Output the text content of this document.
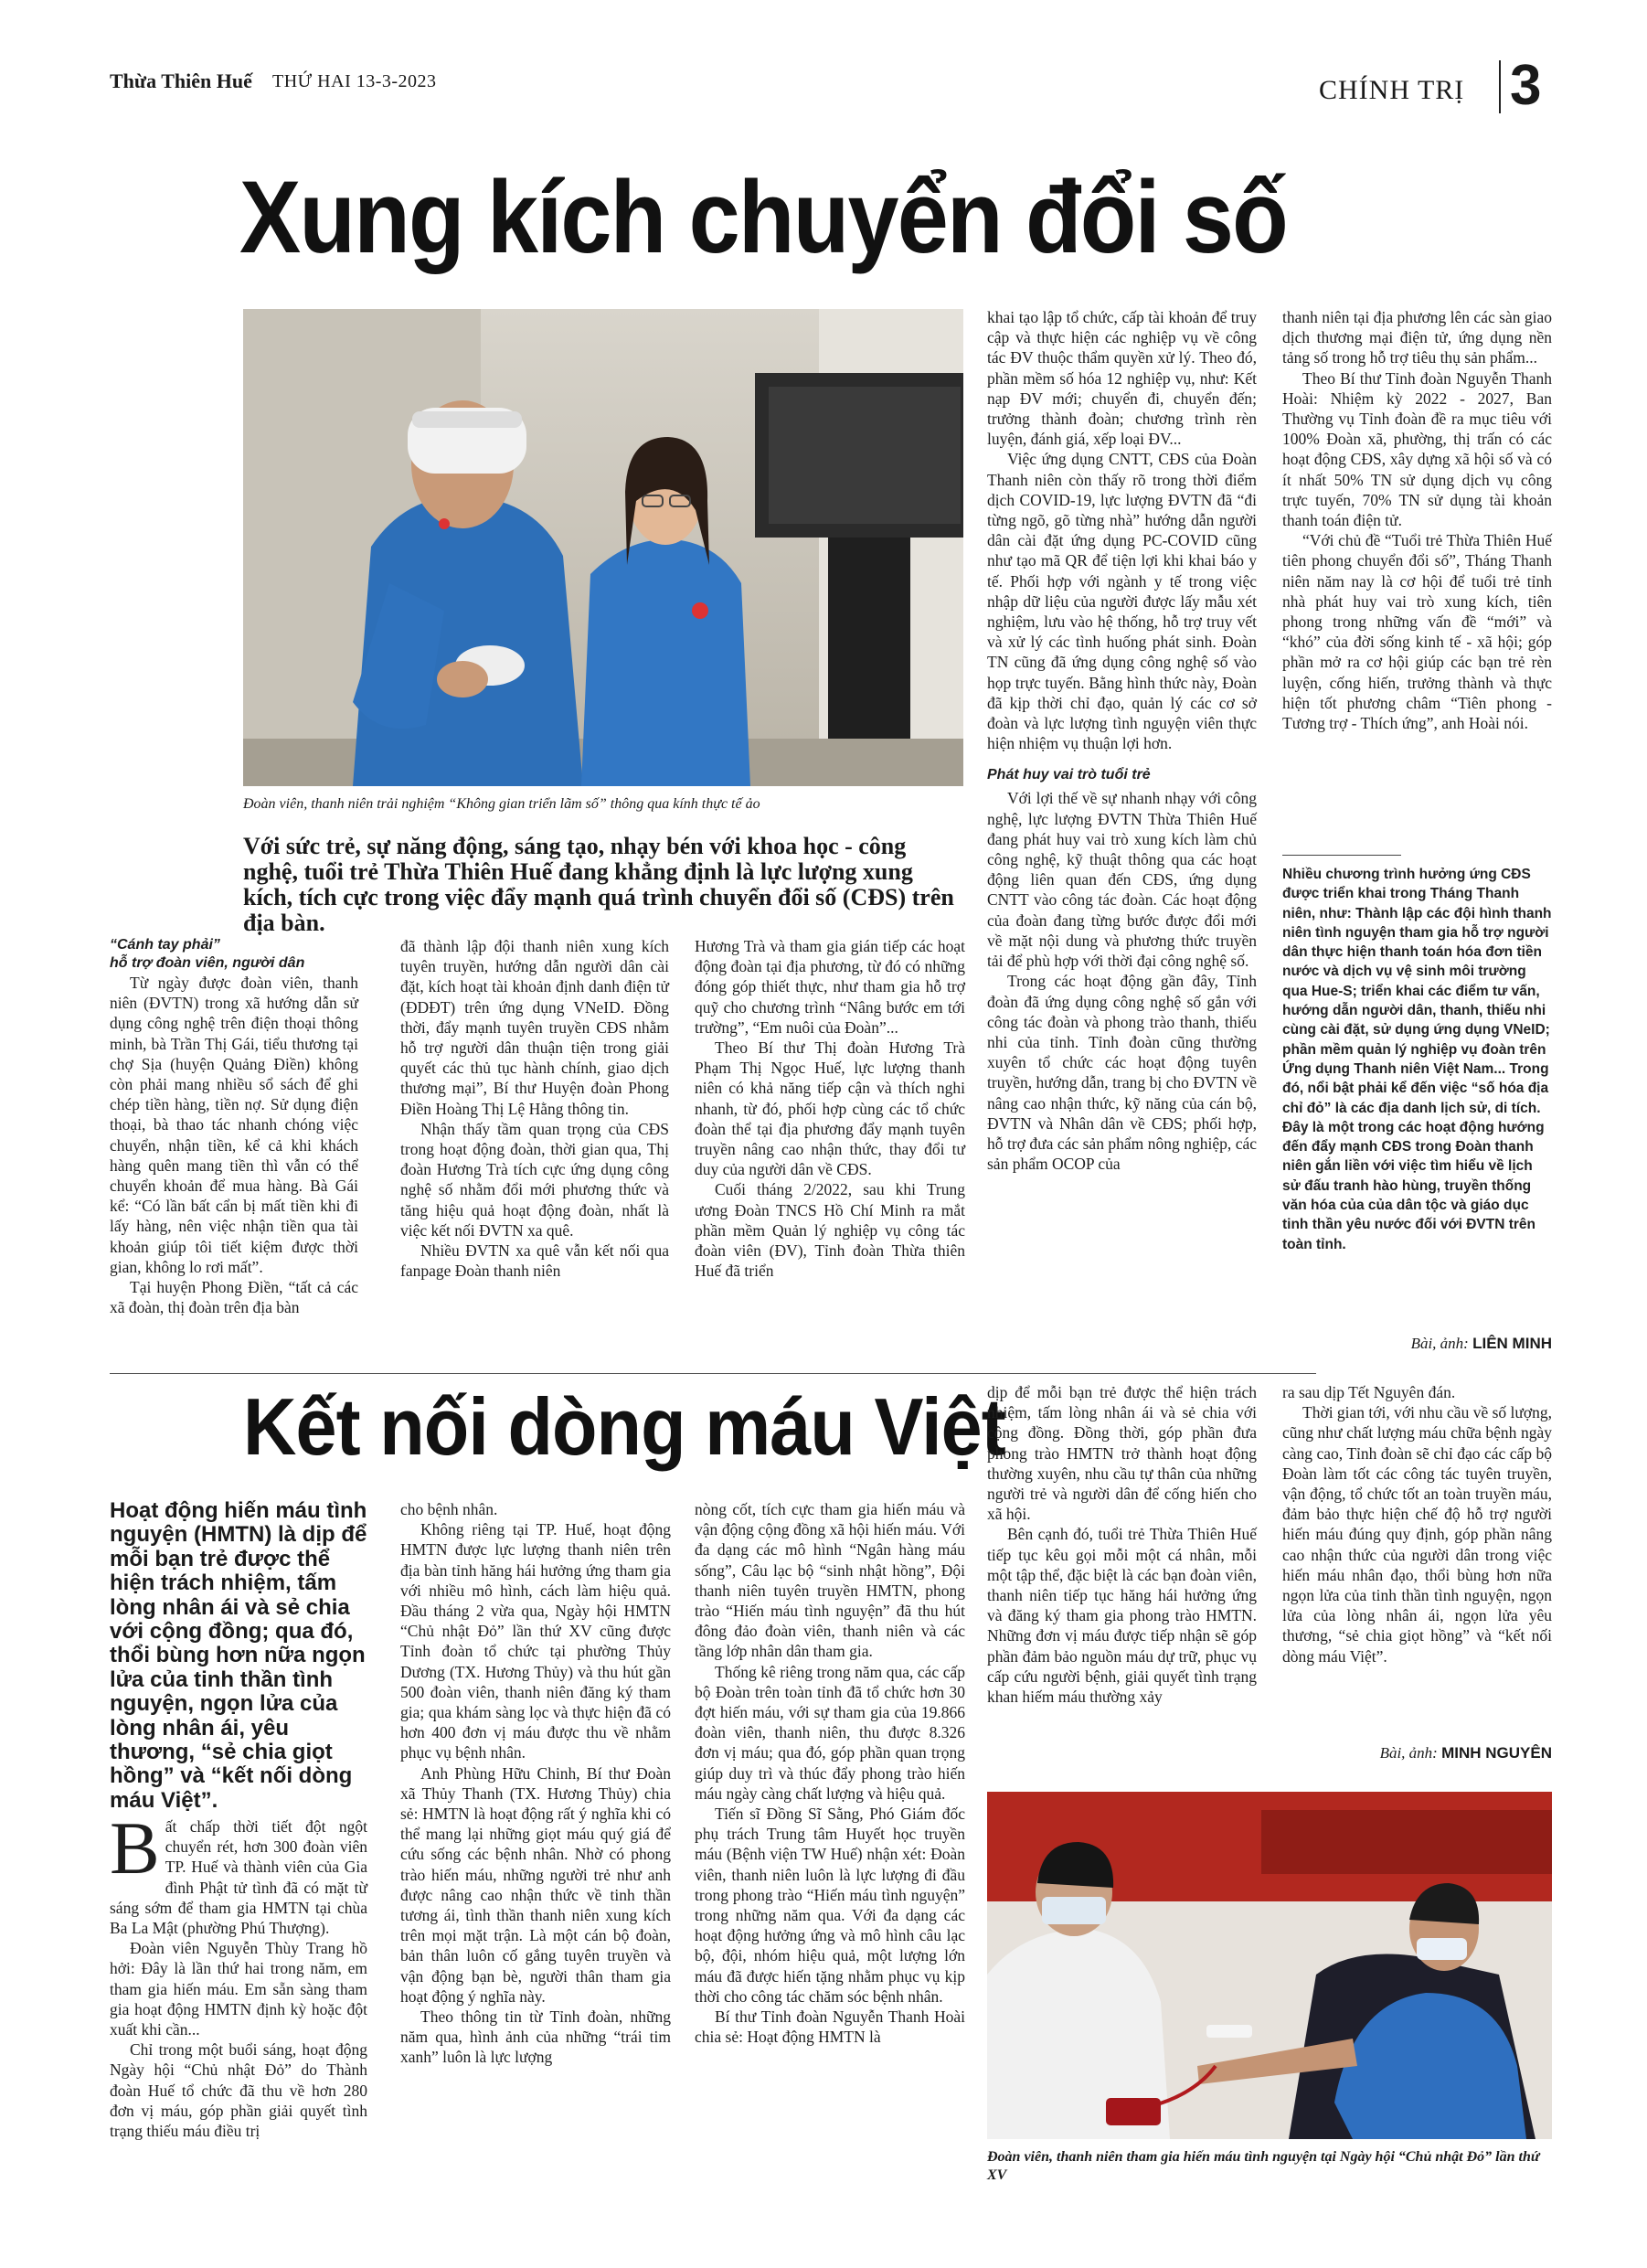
Thừa Thiên Huế THỨ HAI 13-3-2023	CHÍNH TRỊ 3
Xung kích chuyển đổi số
Đoàn viên, thanh niên trải nghiệm “Không gian triển lãm số” thông qua kính thực tế ảo
Với sức trẻ, sự năng động, sáng tạo, nhạy bén với khoa học - công nghệ, tuổi trẻ Thừa Thiên Huế đang khẳng định là lực lượng xung kích, tích cực trong việc đẩy mạnh quá trình chuyển đổi số (CĐS) trên địa bàn.

“Cánh tay phải”

hỗ trợ đoàn viên, người dân

Từ ngày được đoàn viên, thanh niên (ĐVTN) trong xã hướng dẫn sử dụng công nghệ trên điện thoại thông minh, bà Trần Thị Gái, tiểu thương tại chợ Sịa (huyện Quảng Điền) không còn phải mang nhiều sổ sách để ghi chép tiền hàng, tiền nợ. Sử dụng điện thoại, bà thao tác nhanh chóng việc chuyển, nhận tiền, kể cả khi khách hàng quên mang tiền thì vẫn có thể chuyển khoản để mua hàng. Bà Gái kể: “Có lần bất cẩn bị mất tiền khi đi lấy hàng, nên việc nhận tiền qua tài khoản giúp tôi tiết kiệm được thời gian, không lo rơi mất”.

Tại huyện Phong Điền, “tất cả các xã đoàn, thị đoàn trên địa bàn

đã thành lập đội thanh niên xung kích tuyên truyền, hướng dẫn người dân cài đặt, kích hoạt tài khoản định danh điện tử (ĐDĐT) trên ứng dụng VNeID. Đồng thời, đẩy mạnh tuyên truyền CĐS nhằm hỗ trợ người dân thuận tiện trong giải quyết các thủ tục hành chính, giao dịch thương mại”, Bí thư Huyện đoàn Phong Điền Hoàng Thị Lệ Hằng thông tin.

Nhận thấy tầm quan trọng của CĐS trong hoạt động đoàn, thời gian qua, Thị đoàn Hương Trà tích cực ứng dụng công nghệ số nhằm đổi mới phương thức và tăng hiệu quả hoạt động đoàn, nhất là việc kết nối ĐVTN xa quê.

Nhiều ĐVTN xa quê vẫn kết nối qua fanpage Đoàn thanh niên

Hương Trà và tham gia gián tiếp các hoạt động đoàn tại địa phương, từ đó có những đóng góp thiết thực, như tham gia hỗ trợ quỹ cho chương trình “Nâng bước em tới trường”, “Em nuôi của Đoàn”...

Theo Bí thư Thị đoàn Hương Trà Phạm Thị Ngọc Huế, lực lượng thanh niên có khả năng tiếp cận và thích nghi nhanh, từ đó, phối hợp cùng các tổ chức đoàn thể tại địa phương đẩy mạnh tuyên truyền nâng cao nhận thức, thay đổi tư duy của người dân về CĐS.

Cuối tháng 2/2022, sau khi Trung ương Đoàn TNCS Hồ Chí Minh ra mắt phần mềm Quản lý nghiệp vụ công tác đoàn viên (ĐV), Tỉnh đoàn Thừa thiên Huế đã triển

khai tạo lập tổ chức, cấp tài khoản để truy cập và thực hiện các nghiệp vụ về công tác ĐV thuộc thẩm quyền xử lý. Theo đó, phần mềm số hóa 12 nghiệp vụ, như: Kết nạp ĐV mới; chuyển đi, chuyển đến; trưởng thành đoàn; chương trình rèn luyện, đánh giá, xếp loại ĐV...

Việc ứng dụng CNTT, CĐS của Đoàn Thanh niên còn thấy rõ trong thời điểm dịch COVID-19, lực lượng ĐVTN đã “đi từng ngõ, gõ từng nhà” hướng dẫn người dân cài đặt ứng dụng PC-COVID cũng như tạo mã QR để tiện lợi khi khai báo y tế. Phối hợp với ngành y tế trong việc nhập dữ liệu của người được lấy mẫu xét nghiệm, lưu vào hệ thống, hỗ trợ truy vết và xử lý các tình huống phát sinh. Đoàn TN cũng đã ứng dụng công nghệ số vào họp trực tuyến. Bằng hình thức này, Đoàn đã kịp thời chỉ đạo, quản lý các cơ sở đoàn và lực lượng tình nguyện viên thực hiện nhiệm vụ thuận lợi hơn.

Phát huy vai trò tuổi trẻ

Với lợi thế về sự nhanh nhạy với công nghệ, lực lượng ĐVTN Thừa Thiên Huế đang phát huy vai trò xung kích làm chủ công nghệ, kỹ thuật thông qua các hoạt động liên quan đến CĐS, ứng dụng CNTT vào công tác đoàn. Các hoạt động của đoàn đang từng bước được đổi mới về mặt nội dung và phương thức truyền tải để phù hợp với thời đại công nghệ số.

Trong các hoạt động gần đây, Tỉnh đoàn đã ứng dụng công nghệ số gắn với công tác đoàn và phong trào thanh, thiếu nhi của tỉnh. Tỉnh đoàn cũng thường xuyên tổ chức các hoạt động tuyên truyền, hướng dẫn, trang bị cho ĐVTN về nâng cao nhận thức, kỹ năng của cán bộ, ĐVTN và Nhân dân về CĐS; phối hợp, hỗ trợ đưa các sản phẩm nông nghiệp, các sản phẩm OCOP của

thanh niên tại địa phương lên các sàn giao dịch thương mại điện tử, ứng dụng nền tảng số trong hỗ trợ tiêu thụ sản phẩm...

Theo Bí thư Tỉnh đoàn Nguyễn Thanh Hoài: Nhiệm kỳ 2022 - 2027, Ban Thường vụ Tỉnh đoàn đề ra mục tiêu với 100% Đoàn xã, phường, thị trấn có các hoạt động CĐS, xây dựng xã hội số và có ít nhất 50% TN sử dụng dịch vụ công trực tuyến, 70% TN sử dụng tài khoản thanh toán điện tử.

“Với chủ đề “Tuổi trẻ Thừa Thiên Huế tiên phong chuyển đổi số”, Tháng Thanh niên năm nay là cơ hội để tuổi trẻ tỉnh nhà phát huy vai trò xung kích, tiên phong trong những vấn đề “mới” và “khó” của đời sống kinh tế - xã hội; góp phần mở ra cơ hội giúp các bạn trẻ rèn luyện, cống hiến, trưởng thành và thực hiện tốt phương châm “Tiên phong - Tương trợ - Thích ứng”, anh Hoài nói.

Nhiều chương trình hưởng ứng CĐS được triển khai trong Tháng Thanh niên, như: Thành lập các đội hình thanh niên tình nguyện tham gia hỗ trợ người dân thực hiện thanh toán hóa đơn tiền nước và dịch vụ vệ sinh môi trường qua Hue-S; triển khai các điểm tư vấn, hướng dẫn người dân, thanh, thiếu nhi cùng cài đặt, sử dụng ứng dụng VNeID; phần mềm quản lý nghiệp vụ đoàn trên Ứng dụng Thanh niên Việt Nam... Trong đó, nổi bật phải kể đến việc “số hóa địa chỉ đỏ” là các địa danh lịch sử, di tích. Đây là một trong các hoạt động hướng đến đẩy mạnh CĐS trong Đoàn thanh niên gắn liền với việc tìm hiểu về lịch sử đấu tranh hào hùng, truyền thống văn hóa của của dân tộc và giáo dục tinh thần yêu nước đối với ĐVTN trên toàn tỉnh.
Bài, ảnh: LIÊN MINH
Kết nối dòng máu Việt
Hoạt động hiến máu tình nguyện (HMTN) là dịp để mỗi bạn trẻ được thể hiện trách nhiệm, tấm lòng nhân ái và sẻ chia với cộng đồng; qua đó, thổi bùng hơn nữa ngọn lửa của tinh thần tình nguyện, ngọn lửa của lòng nhân ái, yêu thương, “sẻ chia giọt hồng” và “kết nối dòng máu Việt”.

Bất chấp thời tiết đột ngột chuyển rét, hơn 300 đoàn viên TP. Huế và thành viên của Gia đình Phật tử tình đã có mặt từ sáng sớm để tham gia HMTN tại chùa Ba La Mật (phường Phú Thượng).

Đoàn viên Nguyễn Thùy Trang hồ hởi: Đây là lần thứ hai trong năm, em tham gia hiến máu. Em sẵn sàng tham gia hoạt động HMTN định kỳ hoặc đột xuất khi cần...

Chỉ trong một buổi sáng, hoạt động Ngày hội “Chủ nhật Đỏ” do Thành đoàn Huế tổ chức đã thu về hơn 280 đơn vị máu, góp phần giải quyết tình trạng thiếu máu điều trị

cho bệnh nhân.

Không riêng tại TP. Huế, hoạt động HMTN được lực lượng thanh niên trên địa bàn tỉnh hăng hái hưởng ứng tham gia với nhiều mô hình, cách làm hiệu quả. Đầu tháng 2 vừa qua, Ngày hội HMTN “Chủ nhật Đỏ” lần thứ XV cũng được Tỉnh đoàn tổ chức tại phường Thủy Dương (TX. Hương Thủy) và thu hút gần 500 đoàn viên, thanh niên đăng ký tham gia; qua khám sàng lọc và thực hiện đã có hơn 400 đơn vị máu được thu về nhằm phục vụ bệnh nhân.

Anh Phùng Hữu Chinh, Bí thư Đoàn xã Thủy Thanh (TX. Hương Thủy) chia sẻ: HMTN là hoạt động rất ý nghĩa khi có thể mang lại những giọt máu quý giá để cứu sống các bệnh nhân. Nhờ có phong trào hiến máu, những người trẻ như anh được nâng cao nhận thức về tinh thần tương ái, tình thần thanh niên xung kích trên mọi mặt trận. Là một cán bộ đoàn, bản thân luôn cố gắng tuyên truyền và vận động bạn bè, người thân tham gia hoạt động ý nghĩa này.

Theo thông tin từ Tỉnh đoàn, những năm qua, hình ảnh của những “trái tim xanh” luôn là lực lượng

nòng cốt, tích cực tham gia hiến máu và vận động cộng đồng xã hội hiến máu. Với đa dạng các mô hình “Ngân hàng máu sống”, Câu lạc bộ “sinh nhật hồng”, Đội thanh niên tuyên truyền HMTN, phong trào “Hiến máu tình nguyện” đã thu hút đông đảo đoàn viên, thanh niên và các tầng lớp nhân dân tham gia.

Thống kê riêng trong năm qua, các cấp bộ Đoàn trên toàn tỉnh đã tổ chức hơn 30 đợt hiến máu, với sự tham gia của 19.866 đoàn viên, thanh niên, thu được 8.326 đơn vị máu; qua đó, góp phần quan trọng giúp duy trì và thúc đẩy phong trào hiến máu ngày càng chất lượng và hiệu quả.

Tiến sĩ Đồng Sĩ Sằng, Phó Giám đốc phụ trách Trung tâm Huyết học truyền máu (Bệnh viện TW Huế) nhận xét: Đoàn viên, thanh niên luôn là lực lượng đi đầu trong phong trào “Hiến máu tình nguyện” trong những năm qua. Với đa dạng các hoạt động hưởng ứng và mô hình câu lạc bộ, đội, nhóm hiệu quả, một lượng lớn máu đã được hiến tặng nhằm phục vụ kịp thời cho công tác chăm sóc bệnh nhân.

Bí thư Tỉnh đoàn Nguyễn Thanh Hoài chia sẻ: Hoạt động HMTN là

dịp để mỗi bạn trẻ được thể hiện trách nhiệm, tấm lòng nhân ái và sẻ chia với cộng đồng. Đồng thời, góp phần đưa phong trào HMTN trở thành hoạt động thường xuyên, nhu cầu tự thân của những người trẻ và người dân để cống hiến cho xã hội.

Bên cạnh đó, tuổi trẻ Thừa Thiên Huế tiếp tục kêu gọi mỗi một cá nhân, mỗi một tập thể, đặc biệt là các bạn đoàn viên, thanh niên tiếp tục hăng hái hưởng ứng và đăng ký tham gia phong trào HMTN. Những đơn vị máu được tiếp nhận sẽ góp phần đảm bảo nguồn máu dự trữ, phục vụ cấp cứu người bệnh, giải quyết tình trạng khan hiếm máu thường xảy

ra sau dịp Tết Nguyên đán.

Thời gian tới, với nhu cầu về số lượng, cũng như chất lượng máu chữa bệnh ngày càng cao, Tỉnh đoàn sẽ chỉ đạo các cấp bộ Đoàn làm tốt các công tác tuyên truyền, vận động, tổ chức tốt an toàn truyền máu, đảm bảo thực hiện chế độ hỗ trợ người hiến máu đúng quy định, góp phần nâng cao nhận thức của người dân trong việc hiến máu nhân đạo, thổi bùng hơn nữa ngọn lửa của tinh thần tình nguyện, ngọn lửa của lòng nhân ái, ngọn lửa yêu thương, “sẻ chia giọt hồng” và “kết nối dòng máu Việt”.

Bài, ảnh: MINH NGUYÊN
Đoàn viên, thanh niên tham gia hiến máu tình nguyện tại Ngày hội “Chủ nhật Đỏ” lần thứ XV
